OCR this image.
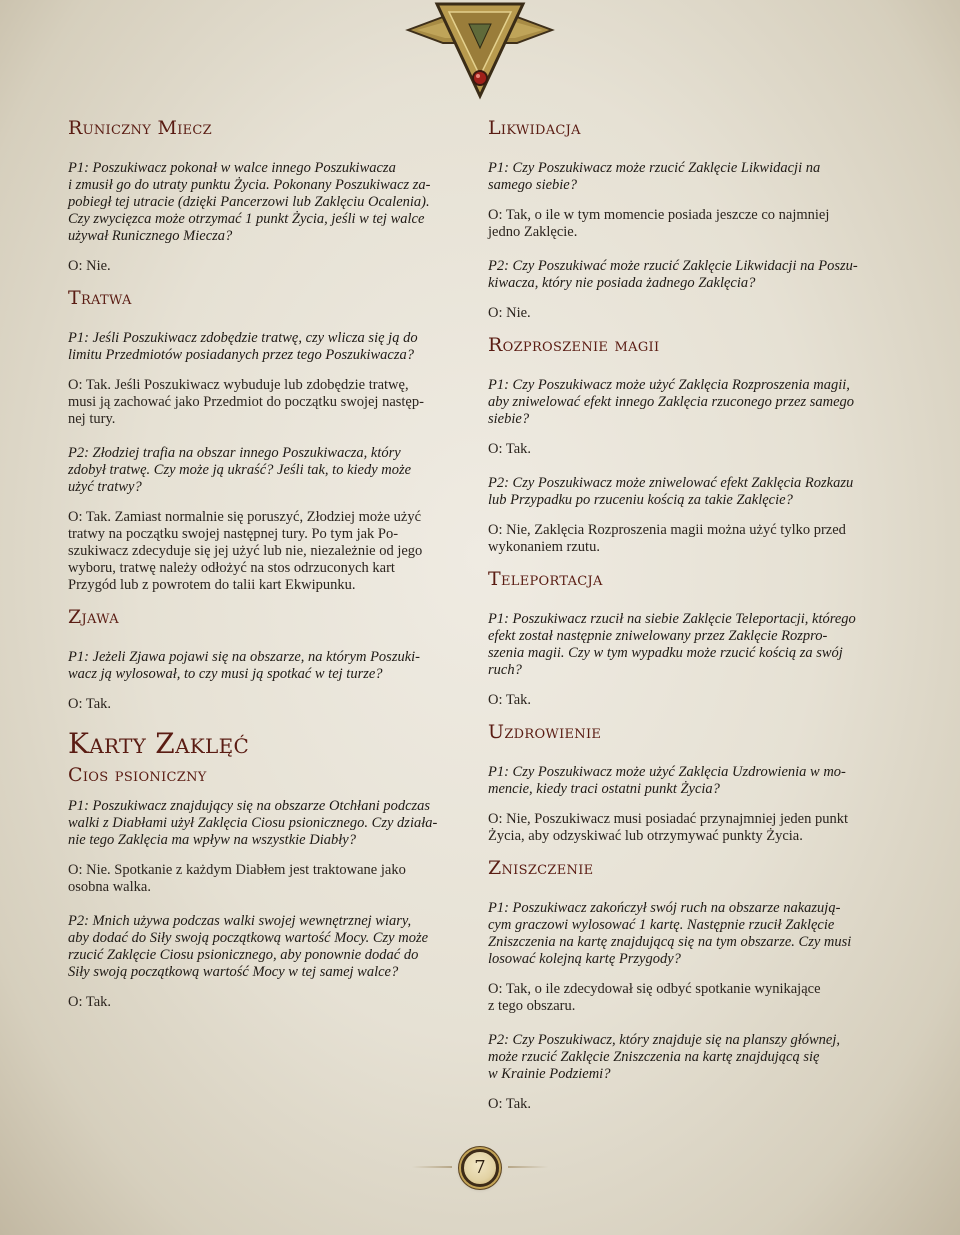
Runiczny Miecz
P1: Poszukiwacz pokonał w walce innego Poszukiwacza
i zmusił go do utraty punktu Życia. Pokonany Poszukiwacz za-
pobiegł tej utracie (dzięki Pancerzowi lub Zaklęciu Ocalenia).
Czy zwycięzca może otrzymać 1 punkt Życia, jeśli w tej walce
używał Runicznego Miecza?
O: Nie.
Tratwa
P1: Jeśli Poszukiwacz zdobędzie tratwę, czy wlicza się ją do
limitu Przedmiotów posiadanych przez tego Poszukiwacza?
O: Tak. Jeśli Poszukiwacz wybuduje lub zdobędzie tratwę,
musi ją zachować jako Przedmiot do początku swojej następ-
nej tury.
P2: Złodziej trafia na obszar innego Poszukiwacza, który
zdobył tratwę. Czy może ją ukraść? Jeśli tak, to kiedy może
użyć tratwy?
O: Tak. Zamiast normalnie się poruszyć, Złodziej może użyć
tratwy na początku swojej następnej tury. Po tym jak Po-
szukiwacz zdecyduje się jej użyć lub nie, niezależnie od jego
wyboru, tratwę należy odłożyć na stos odrzuconych kart
Przygód lub z powrotem do talii kart Ekwipunku.
Zjawa
P1: Jeżeli Zjawa pojawi się na obszarze, na którym Poszuki-
wacz ją wylosował, to czy musi ją spotkać w tej turze?
O: Tak.
Karty Zaklęć
Cios psioniczny
P1: Poszukiwacz znajdujący się na obszarze Otchłani podczas
walki z Diabłami użył Zaklęcia Ciosu psionicznego. Czy działa-
nie tego Zaklęcia ma wpływ na wszystkie Diabły?
O: Nie. Spotkanie z każdym Diabłem jest traktowane jako
osobna walka.
P2: Mnich używa podczas walki swojej wewnętrznej wiary,
aby dodać do Siły swoją początkową wartość Mocy. Czy może
rzucić Zaklęcie Ciosu psionicznego, aby ponownie dodać do
Siły swoją początkową wartość Mocy w tej samej walce?
O: Tak.
Likwidacja
P1: Czy Poszukiwacz może rzucić Zaklęcie Likwidacji na
samego siebie?
O: Tak, o ile w tym momencie posiada jeszcze co najmniej
jedno Zaklęcie.
P2: Czy Poszukiwać może rzucić Zaklęcie Likwidacji na Poszu-
kiwacza, który nie posiada żadnego Zaklęcia?
O: Nie.
Rozproszenie magii
P1: Czy Poszukiwacz może użyć Zaklęcia Rozproszenia magii,
aby zniwelować efekt innego Zaklęcia rzuconego przez samego
siebie?
O: Tak.
P2: Czy Poszukiwacz może zniwelować efekt Zaklęcia Rozkazu
lub Przypadku po rzuceniu kością za takie Zaklęcie?
O: Nie, Zaklęcia Rozproszenia magii można użyć tylko przed
wykonaniem rzutu.
Teleportacja
P1: Poszukiwacz rzucił na siebie Zaklęcie Teleportacji, którego
efekt został następnie zniwelowany przez Zaklęcie Rozpro-
szenia magii. Czy w tym wypadku może rzucić kością za swój
ruch?
O: Tak.
Uzdrowienie
P1: Czy Poszukiwacz może użyć Zaklęcia Uzdrowienia w mo-
mencie, kiedy traci ostatni punkt Życia?
O: Nie, Poszukiwacz musi posiadać przynajmniej jeden punkt
Życia, aby odzyskiwać lub otrzymywać punkty Życia.
Zniszczenie
P1: Poszukiwacz zakończył swój ruch na obszarze nakazują-
cym graczowi wylosować 1 kartę. Następnie rzucił Zaklęcie
Zniszczenia na kartę znajdującą się na tym obszarze. Czy musi
losować kolejną kartę Przygody?
O: Tak, o ile zdecydował się odbyć spotkanie wynikające
z tego obszaru.
P2: Czy Poszukiwacz, który znajduje się na planszy głównej,
może rzucić Zaklęcie Zniszczenia na kartę znajdującą się
w Krainie Podziemi?
O: Tak.
7
